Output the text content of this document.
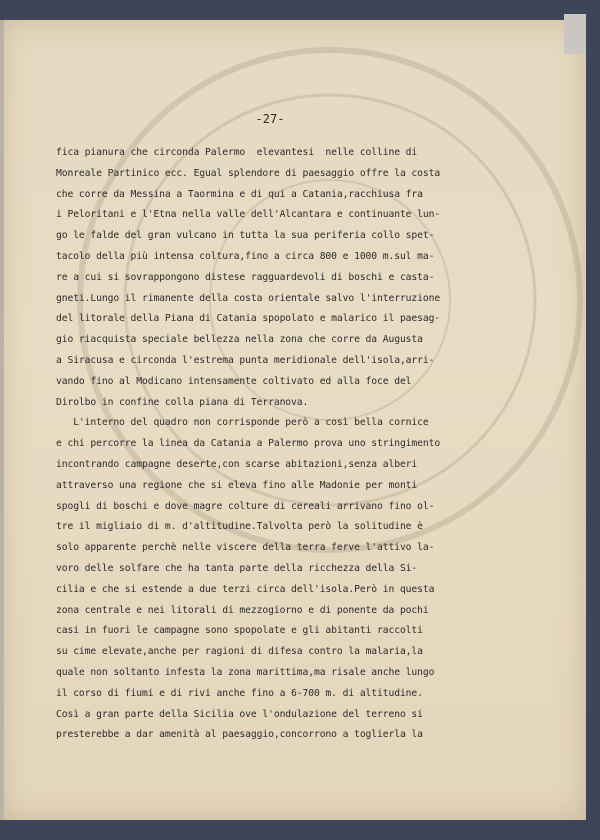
-27-
fica pianura che circonda Palermo  elevantesi  nelle colline di
Monreale Partinico ecc. Egual splendore di paesaggio offre la costa
che corre da Messina a Taormina e di qui a Catania,racchiusa fra
i Peloritani e l'Etna nella valle dell'Alcantara e continuante lun-
go le falde del gran vulcano in tutta la sua periferia collo spet-
tacolo della più intensa coltura,fino a circa 800 e 1000 m.sul ma-
re a cui si sovrappongono distese ragguardevoli di boschi e casta-
gneti.Lungo il rimanente della costa orientale salvo l'interruzione
del litorale della Piana di Catania spopolato e malarico il paesag-
gio riacquista speciale bellezza nella zona che corre da Augusta
a Siracusa e circonda l'estrema punta meridionale dell'isola,arri-
vando fino al Modicano intensamente coltivato ed alla foce del
Dirolbo in confine colla piana di Terranova.
L'interno del quadro non corrisponde però a così bella cornice
e chi percorre la linea da Catania a Palermo prova uno stringimento
incontrando campagne deserte,con scarse abitazioni,senza alberi
attraverso una regione che si eleva fino alle Madonie per monti
spogli di boschi e dove magre colture di cereali arrivano fino ol-
tre il migliaio di m. d'altitudine.Talvolta però la solitudine è
solo apparente perchè nelle viscere della terra ferve l'attivo la-
voro delle solfare che ha tanta parte della ricchezza della Si-
cilia e che si estende a due terzi circa dell'isola.Però in questa
zona centrale e nei litorali di mezzogiorno e di ponente da pochi
casi in fuori le campagne sono spopolate e gli abitanti raccolti
su cime elevate,anche per ragioni di difesa contro la malaria,la
quale non soltanto infesta la zona marittima,ma risale anche lungo
il corso di fiumi e di rivi anche fino a 6-700 m. di altitudine.
Così a gran parte della Sicilia ove l'ondulazione del terreno si
presterebbe a dar amenità al paesaggio,concorrono a toglierla la
